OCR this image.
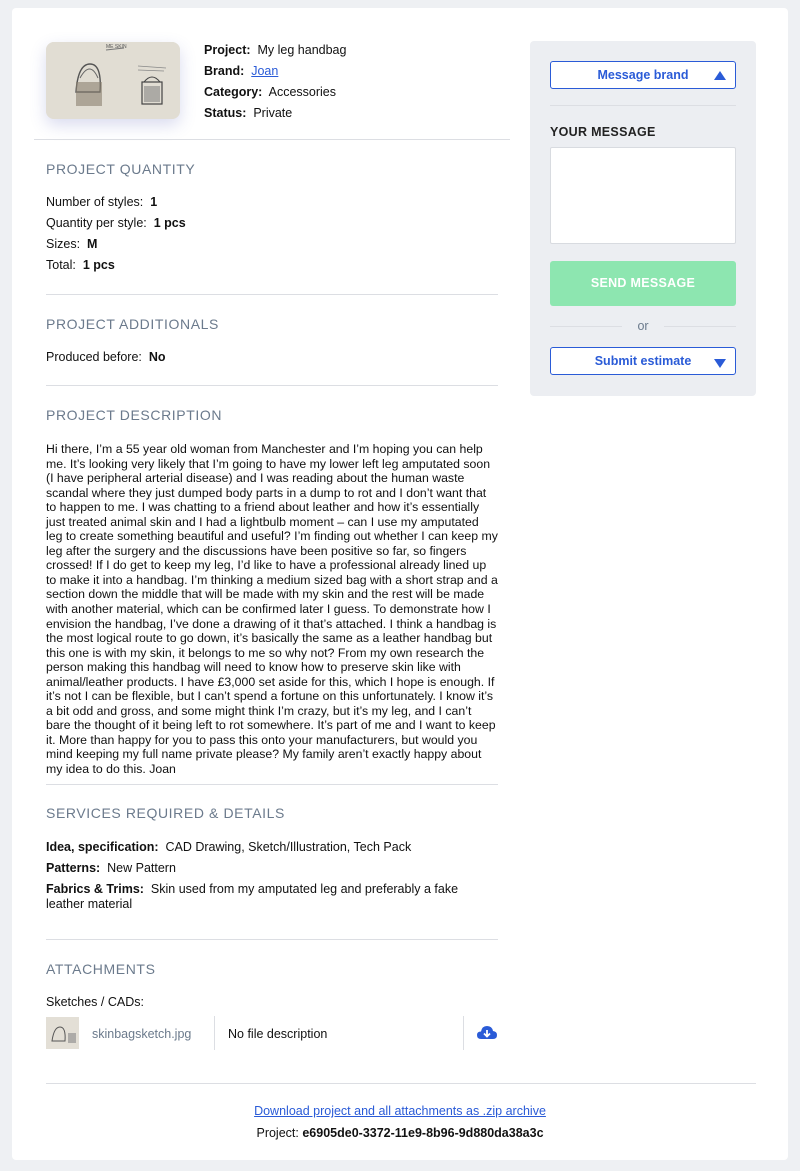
ME SKIN	Project: My leg handbag
Brand: Joan
Category: Accessories
Status: Private
PROJECT QUANTITY
Number of styles: 1
Quantity per style: 1 pcs
Sizes: M
Total: 1 pcs
PROJECT ADDITIONALS
Produced before: No
PROJECT DESCRIPTION
Hi there, I’m a 55 year old woman from Manchester and I’m hoping you can help me. It’s looking very likely that I’m going to have my lower left leg amputated soon (I have peripheral arterial disease) and I was reading about the human waste scandal where they just dumped body parts in a dump to rot and I don’t want that to happen to me. I was chatting to a friend about leather and how it’s essentially just treated animal skin and I had a lightbulb moment – can I use my amputated leg to create something beautiful and useful? I’m finding out whether I can keep my leg after the surgery and the discussions have been positive so far, so fingers crossed! If I do get to keep my leg, I’d like to have a professional already lined up to make it into a handbag. I’m thinking a medium sized bag with a short strap and a section down the middle that will be made with my skin and the rest will be made with another material, which can be confirmed later I guess. To demonstrate how I envision the handbag, I’ve done a drawing of it that’s attached. I think a handbag is the most logical route to go down, it’s basically the same as a leather handbag but this one is with my skin, it belongs to me so why not? From my own research the person making this handbag will need to know how to preserve skin like with animal/leather products. I have £3,000 set aside for this, which I hope is enough. If it’s not I can be flexible, but I can’t spend a fortune on this unfortunately. I know it’s a bit odd and gross, and some might think I’m crazy, but it’s my leg, and I can’t bare the thought of it being left to rot somewhere. It’s part of me and I want to keep it. More than happy for you to pass this onto your manufacturers, but would you mind keeping my full name private please? My family aren’t exactly happy about my idea to do this. Joan
SERVICES REQUIRED & DETAILS
Idea, specification: CAD Drawing, Sketch/Illustration, Tech Pack
Patterns: New Pattern
Fabrics & Trims: Skin used from my amputated leg and preferably a fake leather material
ATTACHMENTS
Sketches / CADs:
skinbagsketch.jpg	No file description
Download project and all attachments as .zip archive
Project: e6905de0-3372-11e9-8b96-9d880da38a3c
Message brand
YOUR MESSAGE
SEND MESSAGE
or
Submit estimate
